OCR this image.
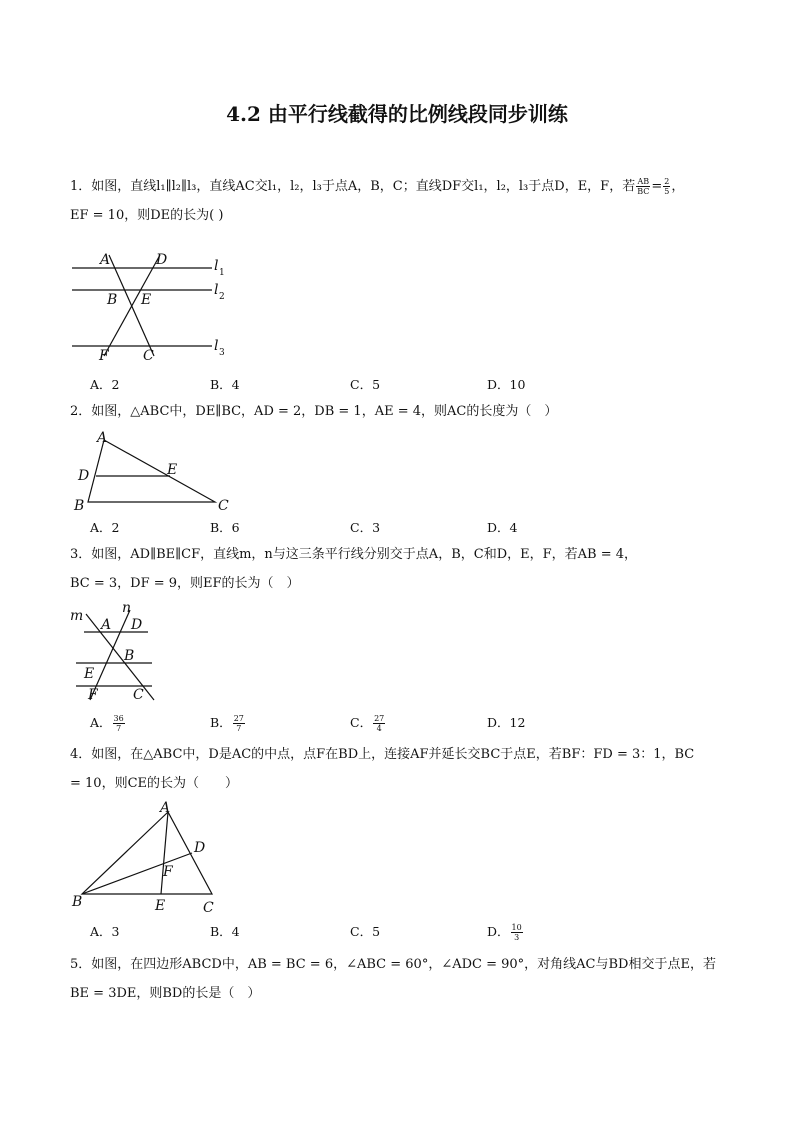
4.2 由平行线截得的比例线段同步训练
1．如图，直线l₁∥l₂∥l₃，直线AC交l₁，l₂，l₃于点A，B，C；直线DF交l₁，l₂，l₃于点D，E，F，若 $\frac{AB}{BC} = \frac{2}{5}$ ，
EF = 10，则DE的长为( )
A	D
B E
F C
l 1
l 2
l 3
A．2	B．4	C．5	D．10
2．如图，△ABC中，DE∥BC，AD = 2，DB = 1，AE = 4，则AC的长度为（　）
A
D	E
B	C
A．2	B．6	C．3	D．4
3．如图，AD∥BE∥CF，直线m，n与这三条平行线分别交于点A，B，C和D，E，F，若AB = 4，
BC = 3，DF = 9，则EF的长为（　）
m	n
A D
B
E
F	C
A． $\frac{36}{7}$	B． $\frac{27}{7}$	C． $\frac{27}{4}$	D．12
4．如图，在△ABC中，D是AC的中点，点F在BD上，连接AF并延长交BC于点E，若BF：FD = 3：1，BC
= 10，则CE的长为（　　）
A
D
F
B	E	C
A．3	B．4	C．5	D． $\frac{10}{3}$
5．如图，在四边形ABCD中，AB = BC = 6，∠ABC = 60°，∠ADC = 90°，对角线AC与BD相交于点E，若
BE = 3DE，则BD的长是（　）
